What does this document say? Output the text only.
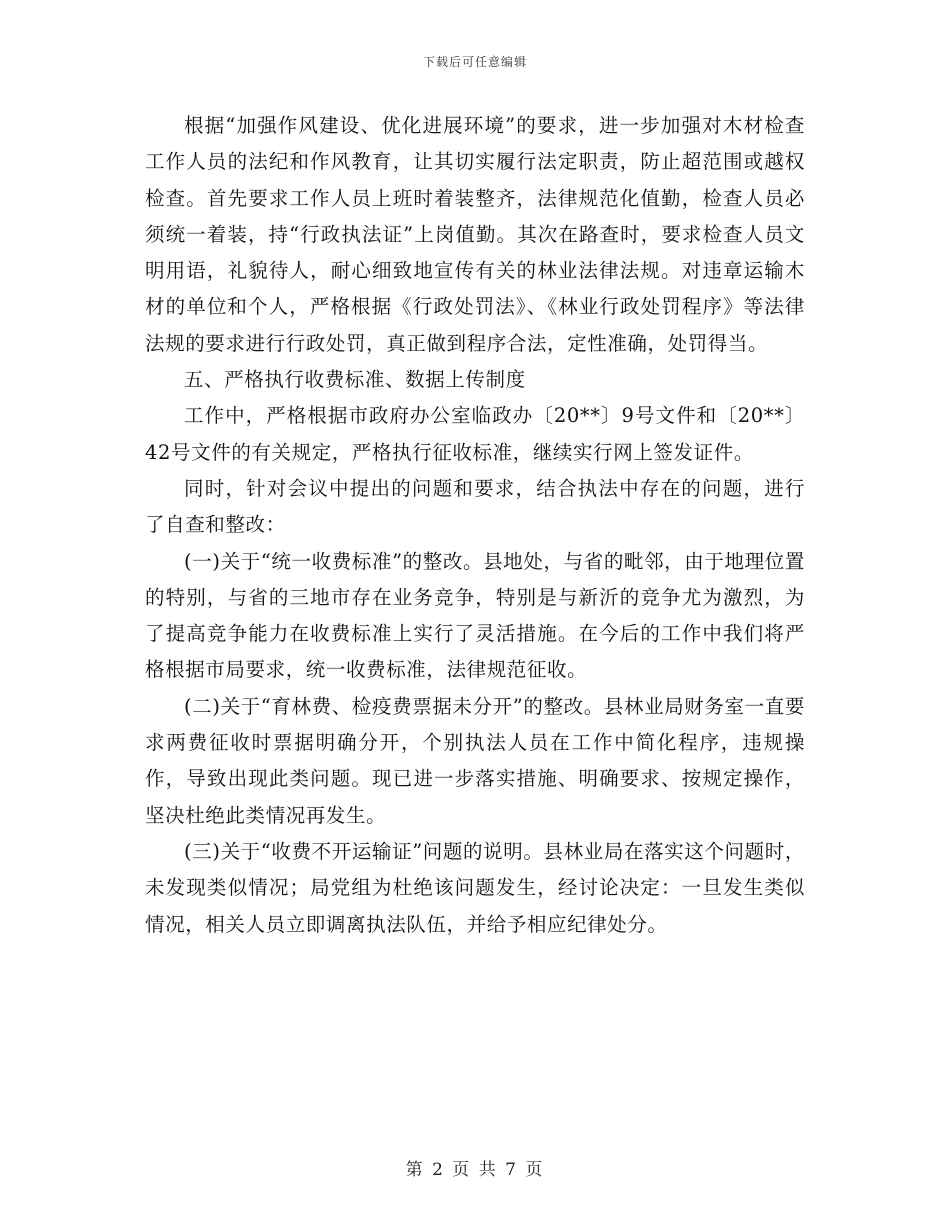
下载后可任意编辑

根据“加强作风建设、优化进展环境”的要求，进一步加强对木材检查工作人员的法纪和作风教育，让其切实履行法定职责，防止超范围或越权检查。首先要求工作人员上班时着装整齐，法律规范化值勤，检查人员必须统一着装，持“行政执法证”上岗值勤。其次在路查时，要求检查人员文明用语，礼貌待人，耐心细致地宣传有关的林业法律法规。对违章运输木材的单位和个人，严格根据《行政处罚法》、《林业行政处罚程序》等法律法规的要求进行行政处罚，真正做到程序合法，定性准确，处罚得当。

五、严格执行收费标准、数据上传制度

工作中，严格根据市政府办公室临政办〔20**〕9号文件和〔20**〕42号文件的有关规定，严格执行征收标准，继续实行网上签发证件。

同时，针对会议中提出的问题和要求，结合执法中存在的问题，进行了自查和整改：

(一)关于“统一收费标准”的整改。县地处，与省的毗邻，由于地理位置的特别，与省的三地市存在业务竞争，特别是与新沂的竞争尤为激烈，为了提高竞争能力在收费标准上实行了灵活措施。在今后的工作中我们将严格根据市局要求，统一收费标准，法律规范征收。

(二)关于“育林费、检疫费票据未分开”的整改。县林业局财务室一直要求两费征收时票据明确分开，个别执法人员在工作中简化程序，违规操作，导致出现此类问题。现已进一步落实措施、明确要求、按规定操作，坚决杜绝此类情况再发生。

(三)关于“收费不开运输证”问题的说明。县林业局在落实这个问题时，未发现类似情况；局党组为杜绝该问题发生，经讨论决定：一旦发生类似情况，相关人员立即调离执法队伍，并给予相应纪律处分。

第 2 页 共 7 页
